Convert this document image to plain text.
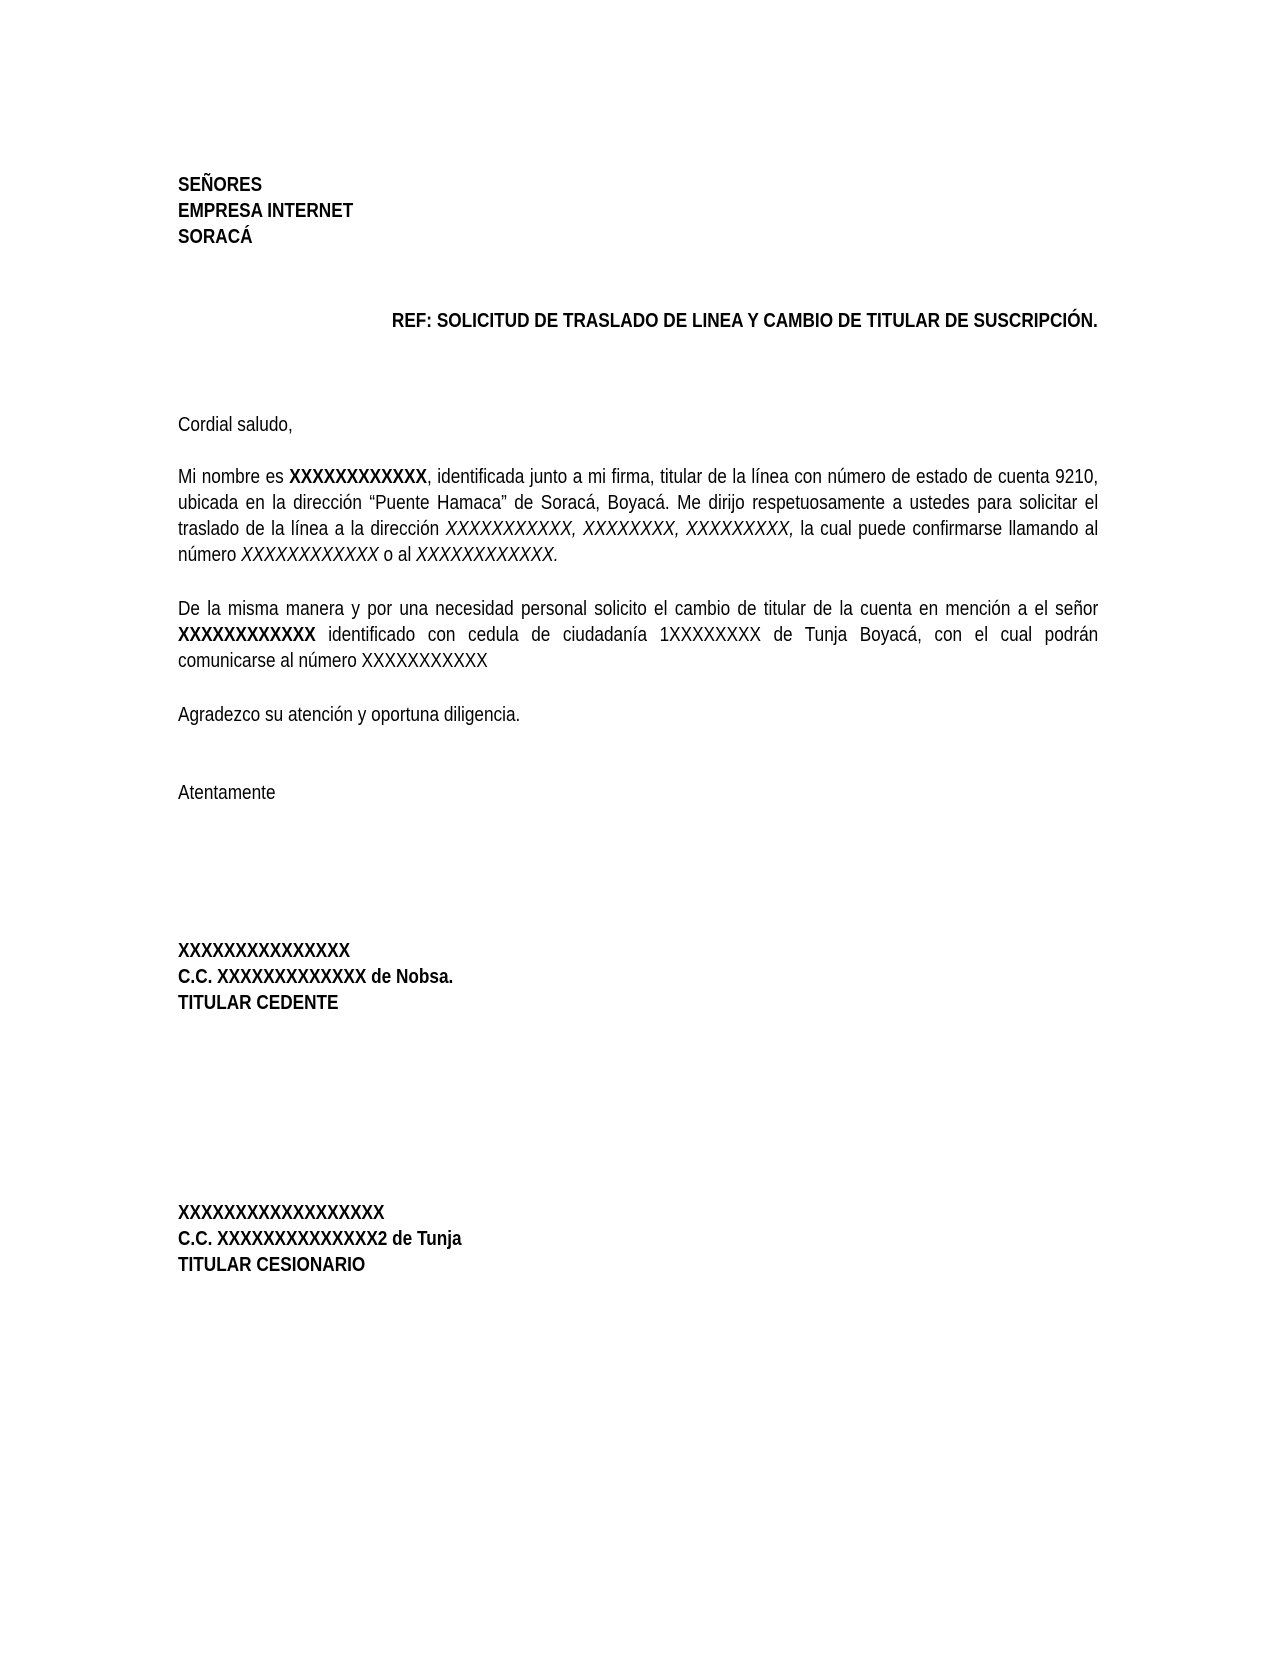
SEÑORES
EMPRESA INTERNET
SORACÁ
REF: SOLICITUD DE TRASLADO DE LINEA Y CAMBIO DE TITULAR DE SUSCRIPCIÓN.
Cordial saludo,
Mi nombre es XXXXXXXXXXXX, identificada junto a mi firma, titular de la línea con número de estado de cuenta 9210, ubicada en la dirección “Puente Hamaca” de Soracá, Boyacá. Me dirijo respetuosamente a ustedes para solicitar el traslado de la línea a la dirección XXXXXXXXXXX, XXXXXXXX, XXXXXXXXX, la cual puede confirmarse llamando al número XXXXXXXXXXXX o al XXXXXXXXXXXX.
De la misma manera y por una necesidad personal solicito el cambio de titular de la cuenta en mención a el señor XXXXXXXXXXXX identificado con cedula de ciudadanía 1XXXXXXXX de Tunja Boyacá, con el cual podrán comunicarse al número XXXXXXXXXXX
Agradezco su atención y oportuna diligencia.
Atentamente
XXXXXXXXXXXXXXX
C.C. XXXXXXXXXXXXX de Nobsa.
TITULAR CEDENTE
XXXXXXXXXXXXXXXXXX
C.C. XXXXXXXXXXXXXX2 de Tunja
TITULAR CESIONARIO
